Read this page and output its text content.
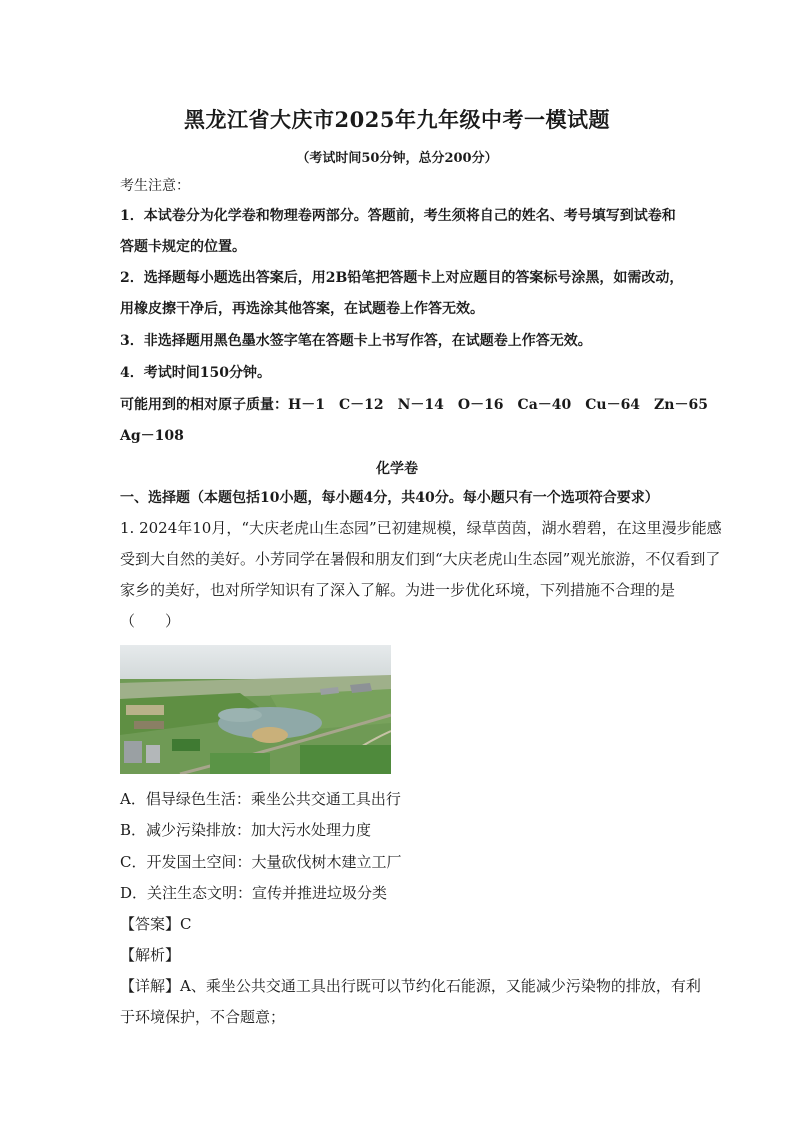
黑龙江省大庆市2025年九年级中考一模试题
（考试时间50分钟，总分200分）
考生注意：
1．本试卷分为化学卷和物理卷两部分。答题前，考生须将自己的姓名、考号填写到试卷和
答题卡规定的位置。
2．选择题每小题选出答案后，用2B铅笔把答题卡上对应题目的答案标号涂黑，如需改动，
用橡皮擦干净后，再选涂其他答案，在试题卷上作答无效。
3．非选择题用黑色墨水签字笔在答题卡上书写作答，在试题卷上作答无效。
4．考试时间150分钟。
可能用到的相对原子质量：H－1　C－12　N－14　O－16　Ca－40　Cu－64　Zn－65
Ag－108
化学卷
一、选择题（本题包括10小题，每小题4分，共40分。每小题只有一个选项符合要求）
1. 2024年10月，“大庆老虎山生态园”已初建规模，绿草茵茵，湖水碧碧，在这里漫步能感
受到大自然的美好。小芳同学在暑假和朋友们到“大庆老虎山生态园”观光旅游，不仅看到了
家乡的美好，也对所学知识有了深入了解。为进一步优化环境，下列措施不合理的是
（　　）
A．倡导绿色生活：乘坐公共交通工具出行
B．减少污染排放：加大污水处理力度
C．开发国土空间：大量砍伐树木建立工厂
D．关注生态文明：宣传并推进垃圾分类
【答案】C
【解析】
【详解】A、乘坐公共交通工具出行既可以节约化石能源，又能减少污染物的排放，有利
于环境保护，不合题意；
